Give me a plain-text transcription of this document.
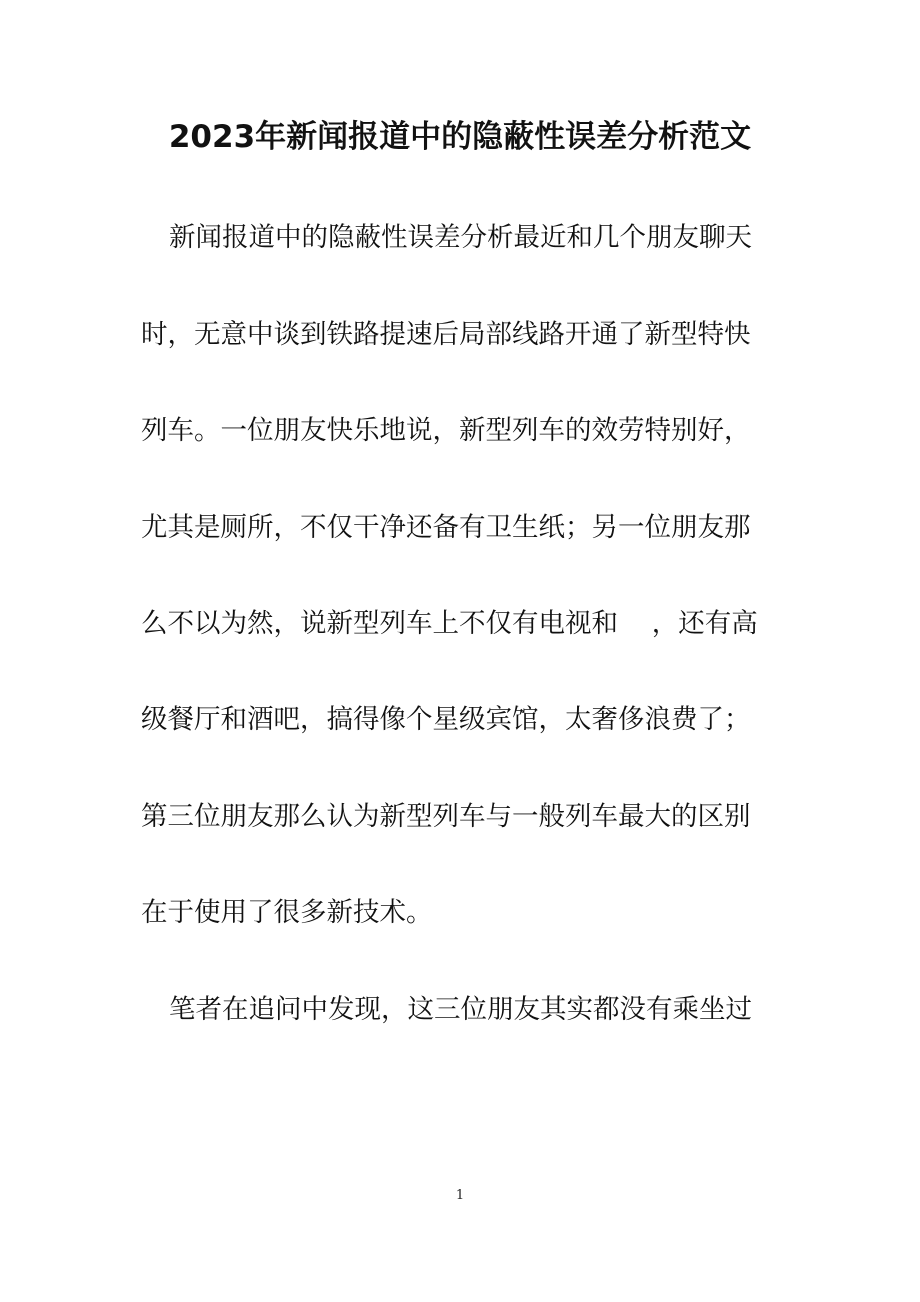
2023年新闻报道中的隐蔽性误差分析范文

新闻报道中的隐蔽性误差分析最近和几个朋友聊天

时，无意中谈到铁路提速后局部线路开通了新型特快

列车。一位朋友快乐地说，新型列车的效劳特别好，

尤其是厕所，不仅干净还备有卫生纸；另一位朋友那

么不以为然，说新型列车上不仅有电视和    ，还有高

级餐厅和酒吧，搞得像个星级宾馆，太奢侈浪费了；

第三位朋友那么认为新型列车与一般列车最大的区别

在于使用了很多新技术。

笔者在追问中发现，这三位朋友其实都没有乘坐过

1
